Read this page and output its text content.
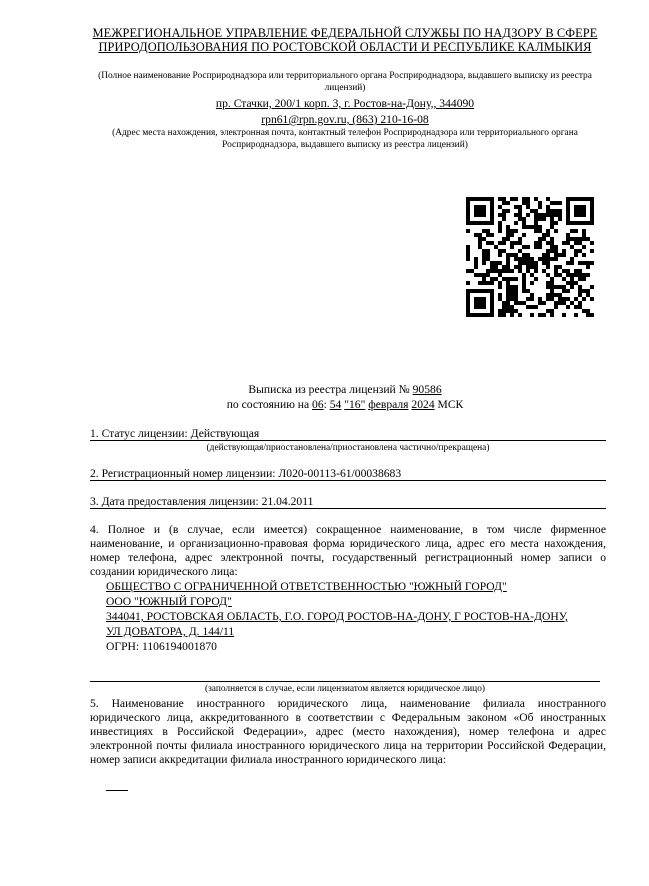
МЕЖРЕГИОНАЛЬНОЕ УПРАВЛЕНИЕ ФЕДЕРАЛЬНОЙ СЛУЖБЫ ПО НАДЗОРУ В СФЕРЕ ПРИРОДОПОЛЬЗОВАНИЯ ПО РОСТОВСКОЙ ОБЛАСТИ И РЕСПУБЛИКЕ КАЛМЫКИЯ
(Полное наименование Росприроднадзора или территориального органа Росприроднадзора, выдавшего выписку из реестра лицензий)
пр. Стачки, 200/1 корп. 3, г. Ростов-на-Дону,, 344090
rpn61@rpn.gov.ru, (863) 210-16-08
(Адрес места нахождения, электронная почта, контактный телефон Росприроднадзора или территориального органа Росприроднадзора, выдавшего выписку из реестра лицензий)
Выписка из реестра лицензий № 90586
по состоянию на 06: 54 "16" февраля 2024 МСК
1. Статус лицензии: Действующая
(действующая/приостановлена/приостановлена частично/прекращена)
2. Регистрационный номер лицензии: Л020-00113-61/00038683
3. Дата предоставления лицензии: 21.04.2011
4. Полное и (в случае, если имеется) сокращенное наименование, в том числе фирменное наименование, и организационно-правовая форма юридического лица, адрес его места нахождения, номер телефона, адрес электронной почты, государственный регистрационный номер записи о создании юридического лица:
ОБЩЕСТВО С ОГРАНИЧЕННОЙ ОТВЕТСТВЕННОСТЬЮ "ЮЖНЫЙ ГОРОД"
ООО "ЮЖНЫЙ ГОРОД"
344041, РОСТОВСКАЯ ОБЛАСТЬ, Г.О. ГОРОД РОСТОВ-НА-ДОНУ, Г РОСТОВ-НА-ДОНУ,
УЛ ДОВАТОРА, Д. 144/11
ОГРН: 1106194001870
(заполняется в случае, если лицензиатом является юридическое лицо)
5. Наименование иностранного юридического лица, наименование филиала иностранного юридического лица, аккредитованного в соответствии с Федеральным законом «Об иностранных инвестициях в Российской Федерации», адрес (место нахождения), номер телефона и адрес электронной почты филиала иностранного юридического лица на территории Российской Федерации, номер записи аккредитации филиала иностранного юридического лица:
